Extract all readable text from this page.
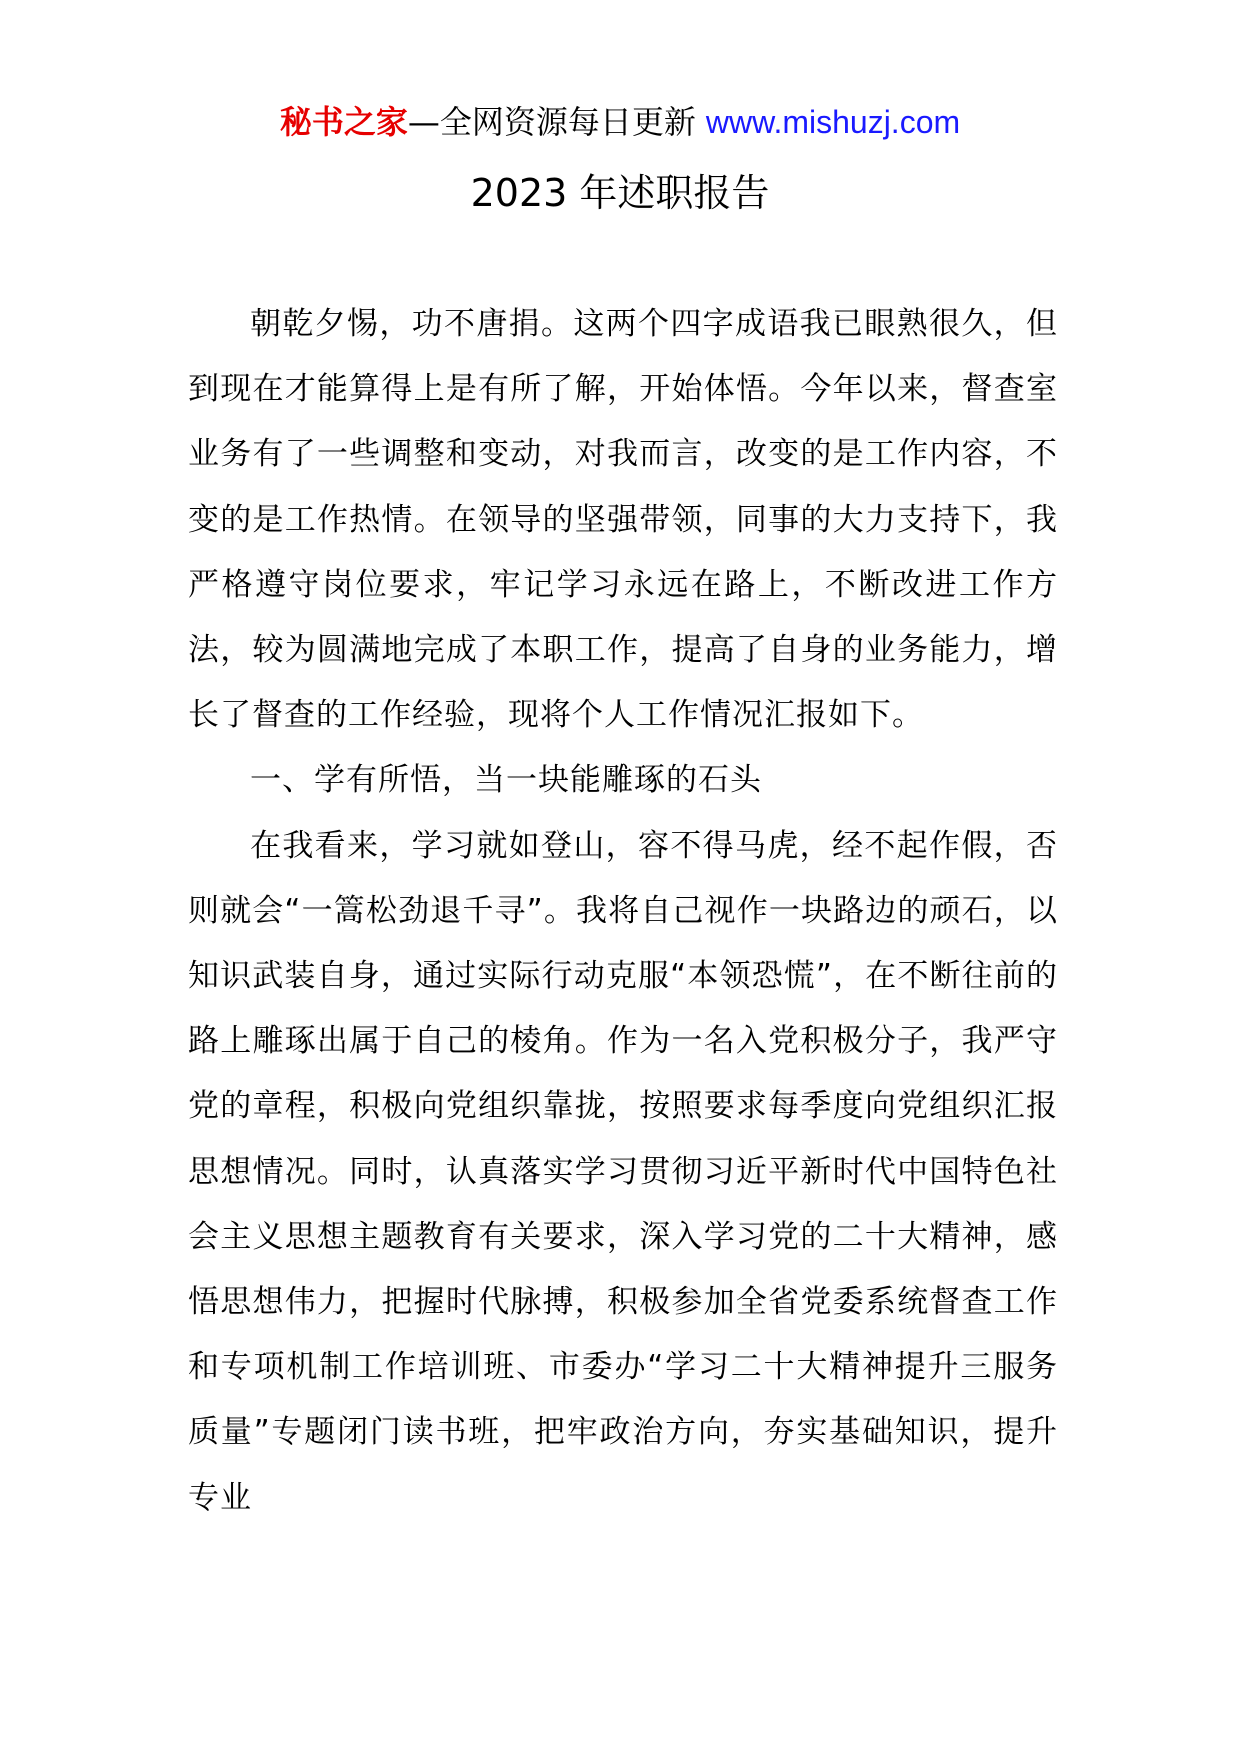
秘书之家—全网资源每日更新 www.mishuzj.com
2023 年述职报告

朝乾夕惕，功不唐捐。这两个四字成语我已眼熟很久，但到现在才能算得上是有所了解，开始体悟。今年以来，督查室业务有了一些调整和变动，对我而言，改变的是工作内容，不变的是工作热情。在领导的坚强带领，同事的大力支持下，我严格遵守岗位要求，牢记学习永远在路上，不断改进工作方法，较为圆满地完成了本职工作，提高了自身的业务能力，增长了督查的工作经验，现将个人工作情况汇报如下。

一、学有所悟，当一块能雕琢的石头

在我看来，学习就如登山，容不得马虎，经不起作假，否则就会“一篙松劲退千寻”。我将自己视作一块路边的顽石，以知识武装自身，通过实际行动克服“本领恐慌”，在不断往前的路上雕琢出属于自己的棱角。作为一名入党积极分子，我严守党的章程，积极向党组织靠拢，按照要求每季度向党组织汇报思想情况。同时，认真落实学习贯彻习近平新时代中国特色社会主义思想主题教育有关要求，深入学习党的二十大精神，感悟思想伟力，把握时代脉搏，积极参加全省党委系统督查工作和专项机制工作培训班、市委办“学习二十大精神提升三服务质量”专题闭门读书班，把牢政治方向，夯实基础知识，提升专业
